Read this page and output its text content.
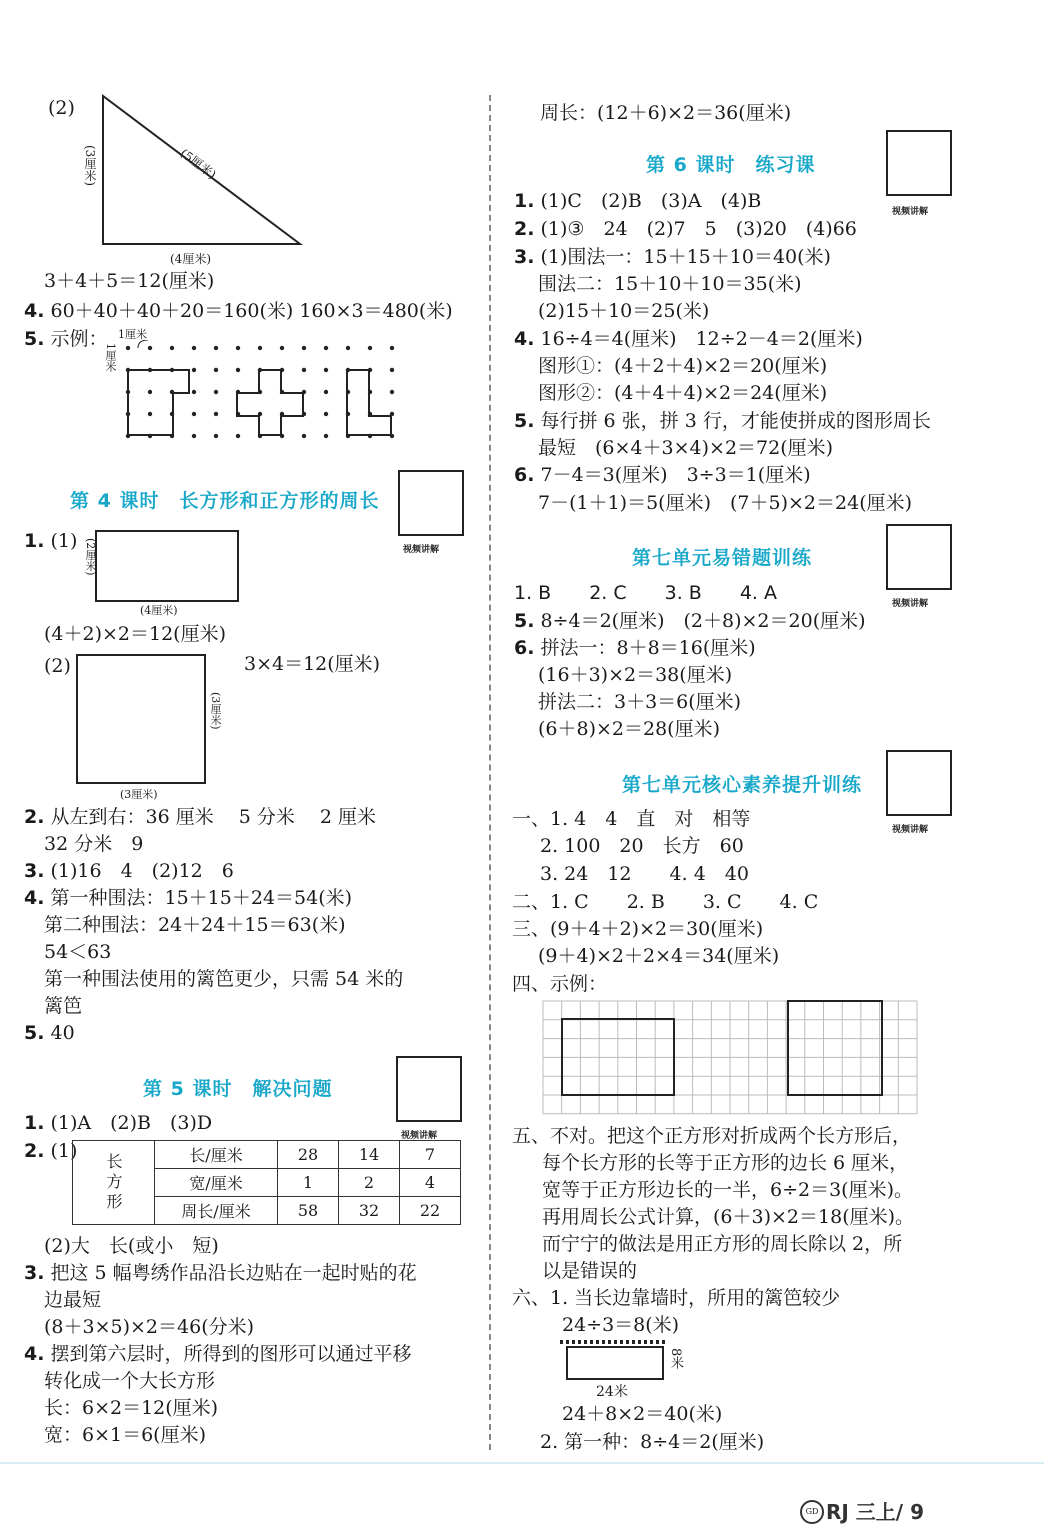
(2)
(3厘米)	(5厘米)
(4厘米)
3＋4＋5＝12(厘米)
4. 60＋40＋40＋20＝160(米) 160×3＝480(米)
5. 示例： 1厘米
1厘米
第 4 课时　长方形和正方形的周长
视频讲解
1. (1) (2厘米)
(4厘米)
(4＋2)×2＝12(厘米)
(2)	3×4＝12(厘米)
(3厘米)
(3厘米)
2. 从左到右：36 厘米　 5 分米　 2 厘米
32 分米　9
3. (1)16　4　(2)12　6
4. 第一种围法：15＋15＋24＝54(米)
第二种围法：24＋24＋15＝63(米)
54＜63
第一种围法使用的篱笆更少，只需 54 米的
篱笆
5. 40
第 5 课时　解决问题
视频讲解
1. (1)A　(2)B　(3)D
2. (1)
长方形	长/厘米	28	14	7
	宽/厘米	1	2	4
	周长/厘米	58	32	22
(2)大　长(或小　短)
3. 把这 5 幅粤绣作品沿长边贴在一起时贴的花
边最短
(8＋3×5)×2＝46(分米)
4. 摆到第六层时，所得到的图形可以通过平移
转化成一个大长方形
长：6×2＝12(厘米)
宽：6×1＝6(厘米)
周长：(12＋6)×2＝36(厘米)
第 6 课时　练习课
视频讲解
1. (1)C　(2)B　(3)A　(4)B
2. (1)③　24　(2)7　5　(3)20　(4)66
3. (1)围法一：15＋15＋10＝40(米)
围法二：15＋10＋10＝35(米)
(2)15＋10＝25(米)
4. 16÷4＝4(厘米)　12÷2－4＝2(厘米)
图形①：(4＋2＋4)×2＝20(厘米)
图形②：(4＋4＋4)×2＝24(厘米)
5. 每行拼 6 张，拼 3 行，才能使拼成的图形周长
最短　(6×4＋3×4)×2＝72(厘米)
6. 7－4＝3(厘米)　3÷3＝1(厘米)
7－(1＋1)＝5(厘米)　(7＋5)×2＝24(厘米)
第七单元易错题训练
视频讲解
1. B　　2. C　　3. B　　4. A
5. 8÷4＝2(厘米)　(2＋8)×2＝20(厘米)
6. 拼法一：8＋8＝16(厘米)
(16＋3)×2＝38(厘米)
拼法二：3＋3＝6(厘米)
(6＋8)×2＝28(厘米)
第七单元核心素养提升训练
视频讲解
一、1. 4　4　直　对　相等
2. 100　20　长方　60
3. 24　12　　4. 4　40
二、1. C　　2. B　　3. C　　4. C
三、(9＋4＋2)×2＝30(厘米)
(9＋4)×2＋2×4＝34(厘米)
四、示例：
五、不对。把这个正方形对折成两个长方形后，
每个长方形的长等于正方形的边长 6 厘米，
宽等于正方形边长的一半，6÷2＝3(厘米)。
再用周长公式计算，(6＋3)×2＝18(厘米)。
而宁宁的做法是用正方形的周长除以 2，所
以是错误的
六、1. 当长边靠墙时，所用的篱笆较少
24÷3＝8(米)
8米
24米
24＋8×2＝40(米)
2. 第一种：8÷4＝2(厘米)
GD RJ 三上/ 9
